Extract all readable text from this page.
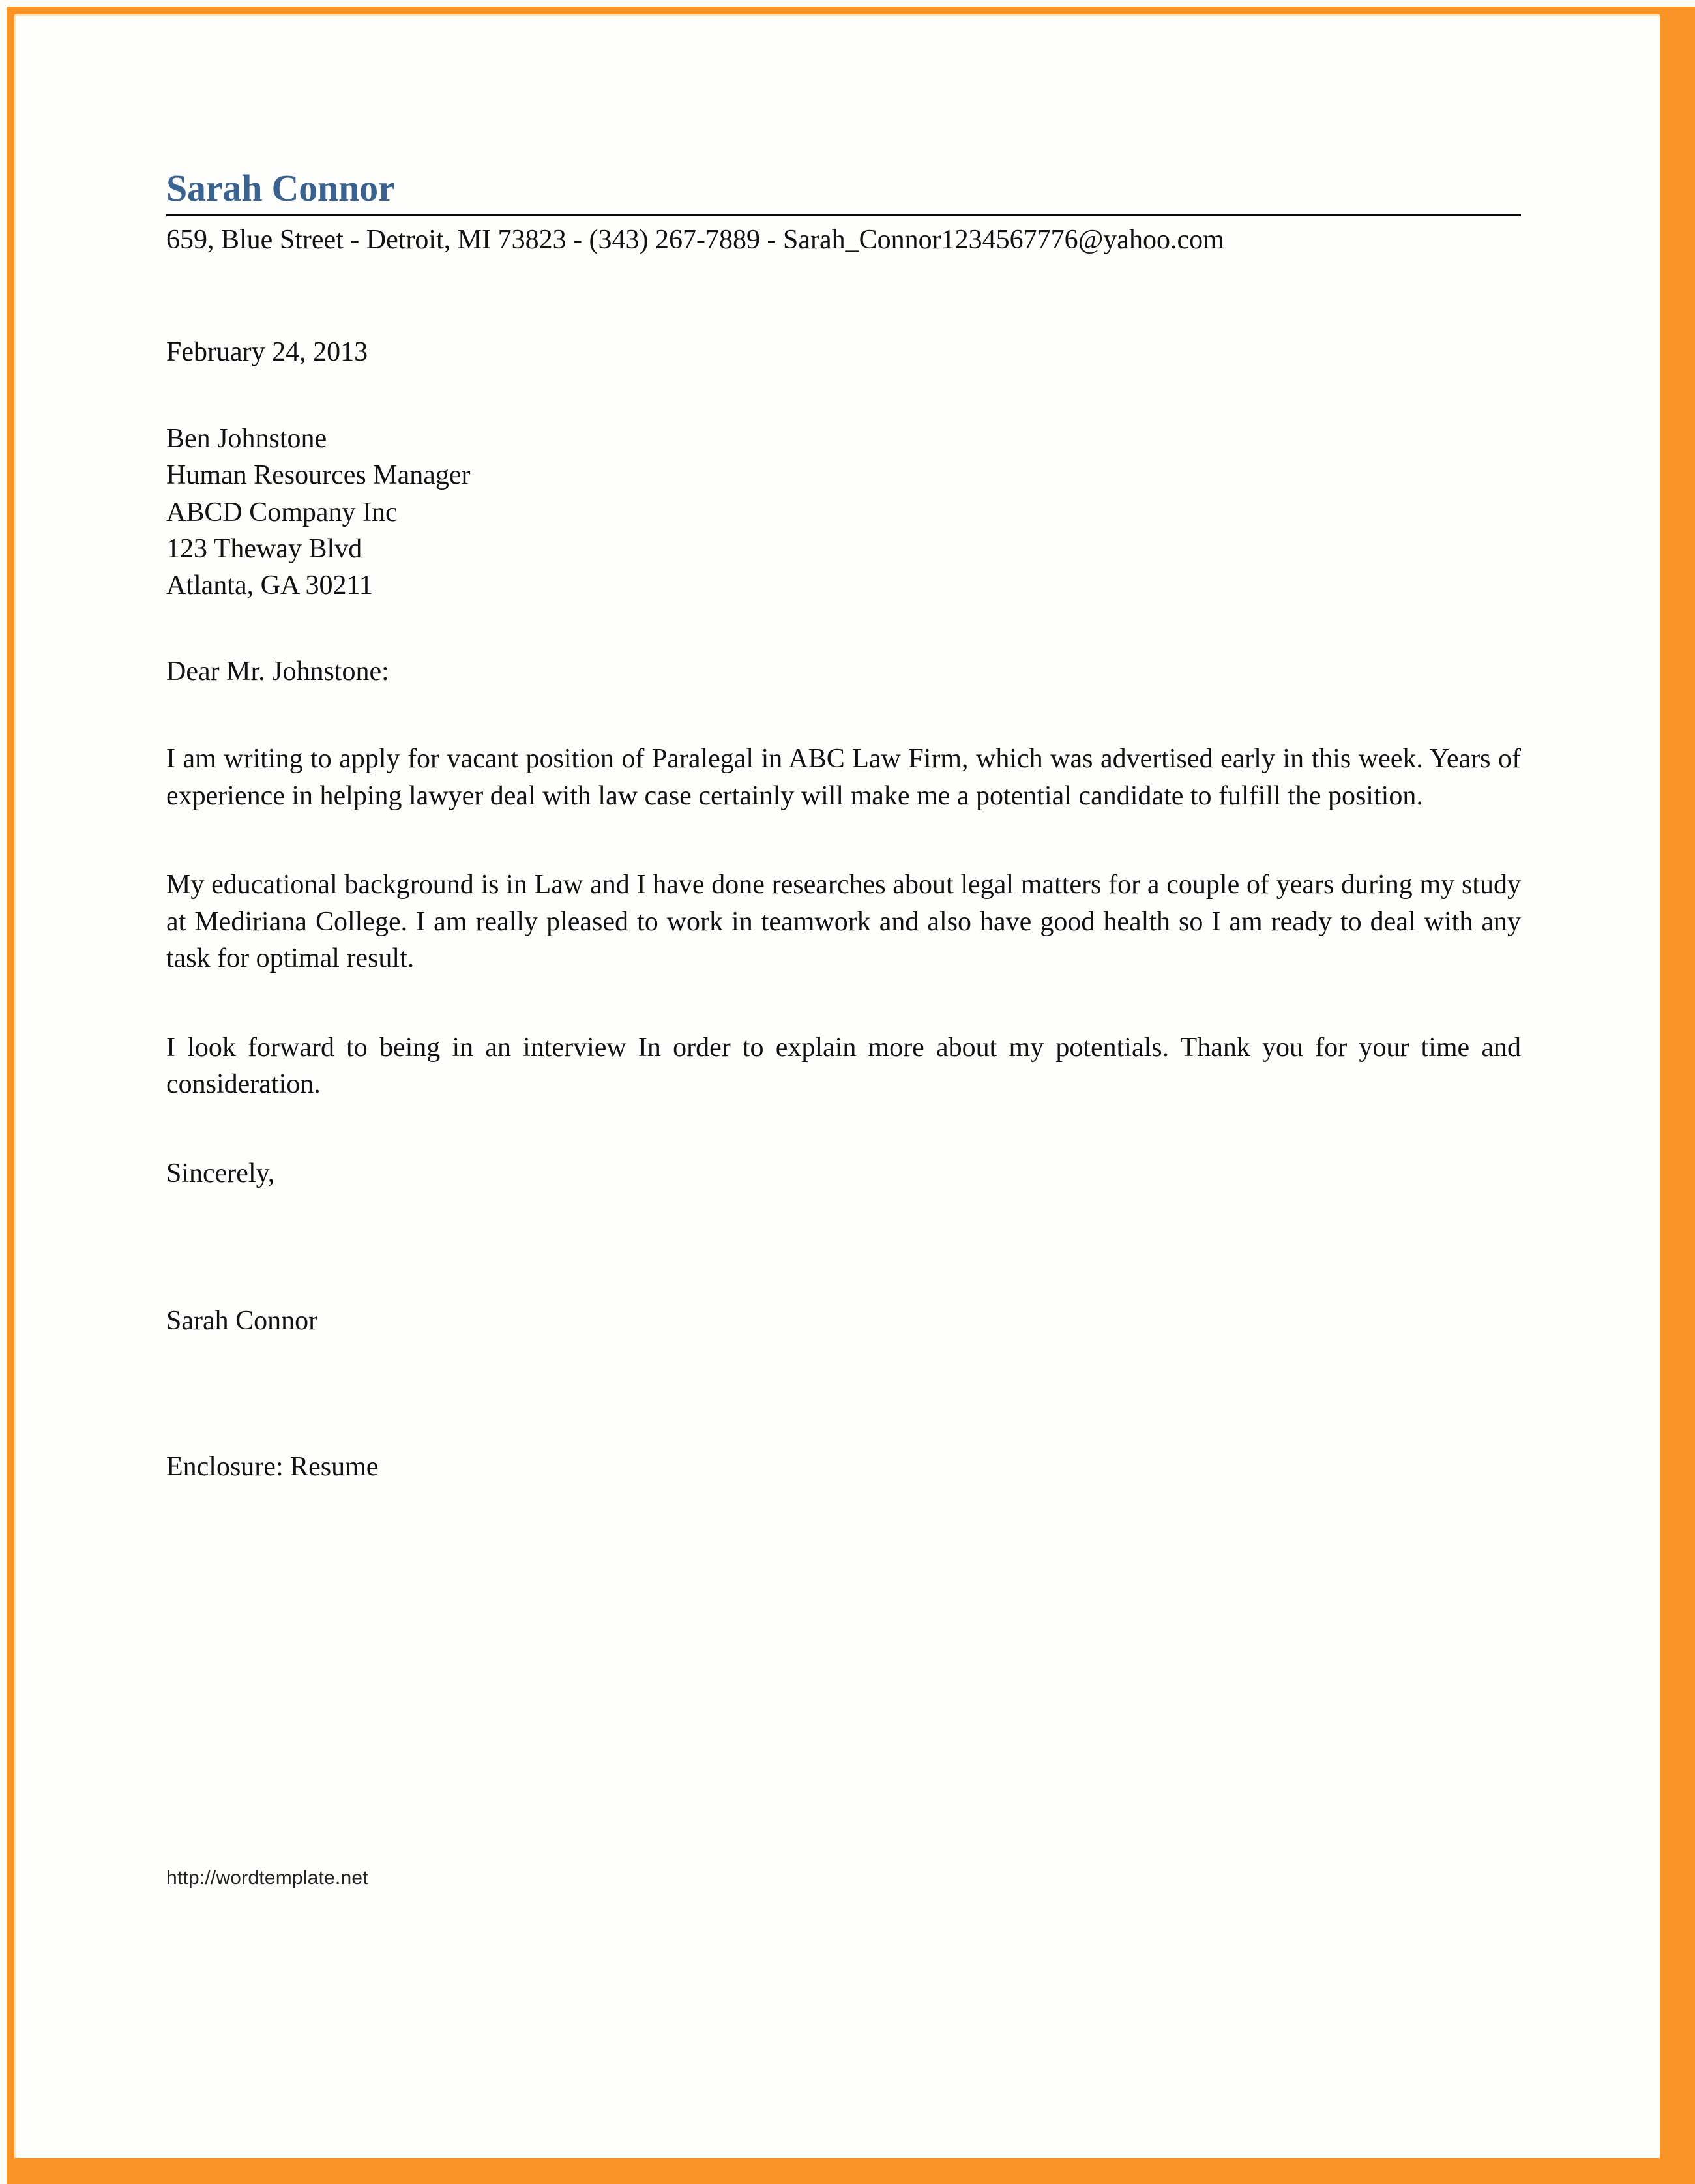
Sarah Connor
659, Blue Street - Detroit, MI 73823 - (343) 267-7889 - Sarah_Connor1234567776@yahoo.com
February 24, 2013
Ben Johnstone
Human Resources Manager
ABCD Company Inc
123 Theway Blvd
Atlanta, GA 30211
Dear Mr. Johnstone:

I am writing to apply for vacant position of Paralegal in ABC Law Firm, which was advertised early in this week. Years of experience in helping lawyer deal with law case certainly will make me a potential candidate to fulfill the position.

My educational background is in Law and I have done researches about legal matters for a couple of years during my study at Mediriana College. I am really pleased to work in teamwork and also have good health so I am ready to deal with any task for optimal result.

I look forward to being in an interview In order to explain more about my potentials. Thank you for your time and consideration.

Sincerely,
Sarah Connor
Enclosure: Resume
http://wordtemplate.net
